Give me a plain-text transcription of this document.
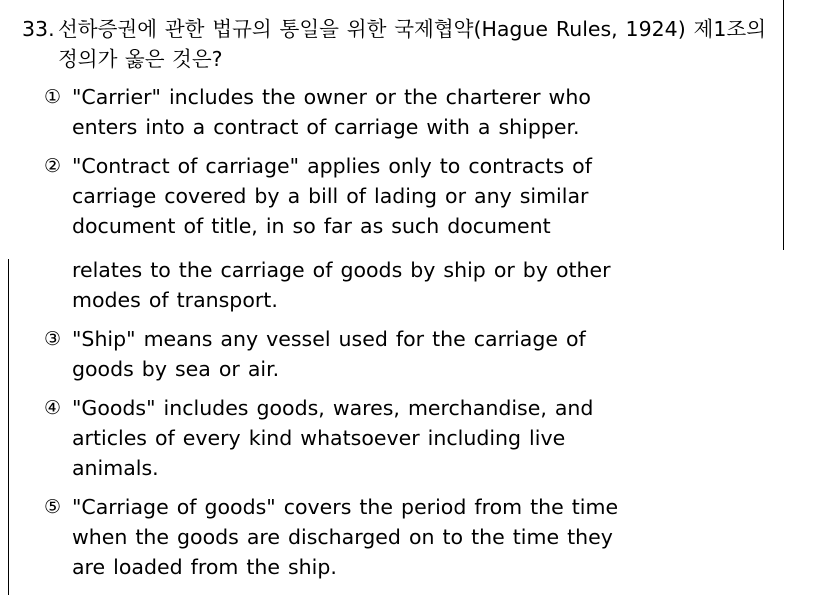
33. 선하증권에 관한 법규의 통일을 위한 국제협약(Hague Rules, 1924) 제1조의 정의가 옳은 것은?
① "Carrier" includes the owner or the charterer who
enters into a contract of carriage with a shipper.
② "Contract of carriage" applies only to contracts of
carriage covered by a bill of lading or any similar
document of title, in so far as such document
relates to the carriage of goods by ship or by other
modes of transport.
③ "Ship" means any vessel used for the carriage of
goods by sea or air.
④ "Goods" includes goods, wares, merchandise, and
articles of every kind whatsoever including live
animals.
⑤ "Carriage of goods" covers the period from the time
when the goods are discharged on to the time they
are loaded from the ship.
